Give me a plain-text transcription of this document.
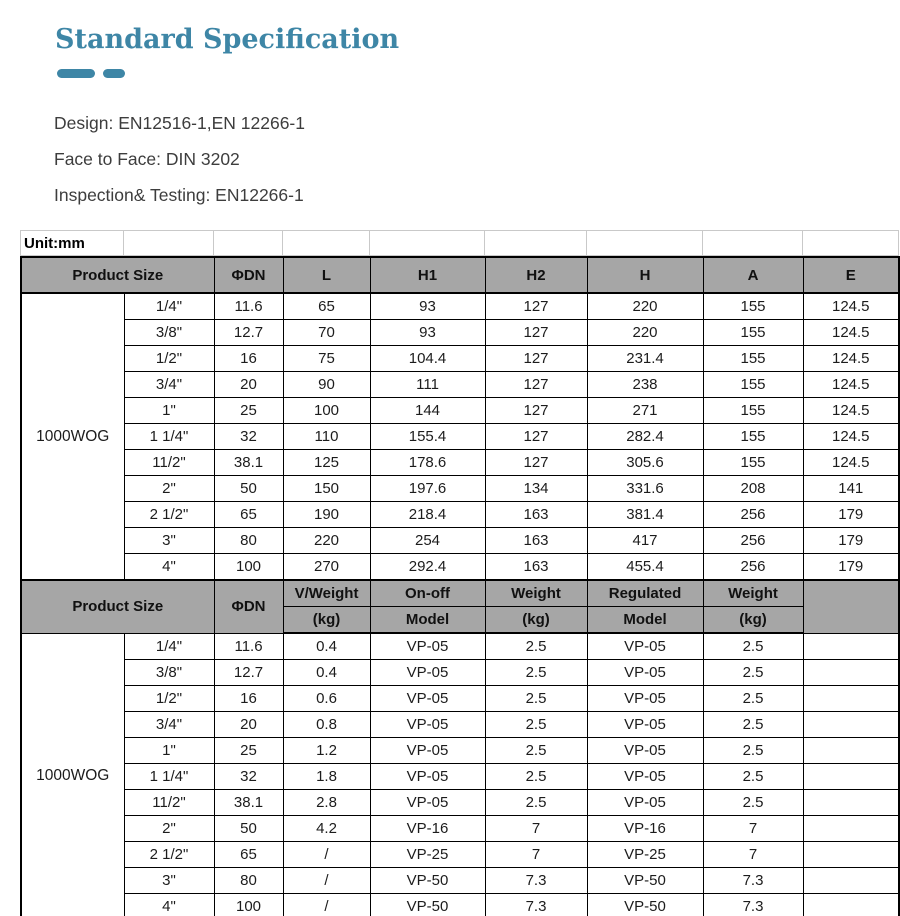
Standard Specification
Design: EN12516-1,EN 12266-1
Face to Face: DIN 3202
Inspection& Testing: EN12266-1
Unit:mm								
Product Size		ΦDN	L	H1	H2	H	A	E
1000WOG	1/4"	11.6	65	93	127	220	155	124.5
	3/8"	12.7	70	93	127	220	155	124.5
	1/2"	16	75	104.4	127	231.4	155	124.5
	3/4"	20	90	111	127	238	155	124.5
	1"	25	100	144	127	271	155	124.5
	1 1/4"	32	110	155.4	127	282.4	155	124.5
	11/2"	38.1	125	178.6	127	305.6	155	124.5
	2"	50	150	197.6	134	331.6	208	141
	2 1/2"	65	190	218.4	163	381.4	256	179
	3"	80	220	254	163	417	256	179
	4"	100	270	292.4	163	455.4	256	179
Product Size		ΦDN	V/Weight	On-off	Weight	Regulated	Weight	
			(kg)	Model	(kg)	Model	(kg)	
1000WOG	1/4"	11.6	0.4	VP-05	2.5	VP-05	2.5	
	3/8"	12.7	0.4	VP-05	2.5	VP-05	2.5	
	1/2"	16	0.6	VP-05	2.5	VP-05	2.5	
	3/4"	20	0.8	VP-05	2.5	VP-05	2.5	
	1"	25	1.2	VP-05	2.5	VP-05	2.5	
	1 1/4"	32	1.8	VP-05	2.5	VP-05	2.5	
	11/2"	38.1	2.8	VP-05	2.5	VP-05	2.5	
	2"	50	4.2	VP-16	7	VP-16	7	
	2 1/2"	65	/	VP-25	7	VP-25	7	
	3"	80	/	VP-50	7.3	VP-50	7.3	
	4"	100	/	VP-50	7.3	VP-50	7.3	
